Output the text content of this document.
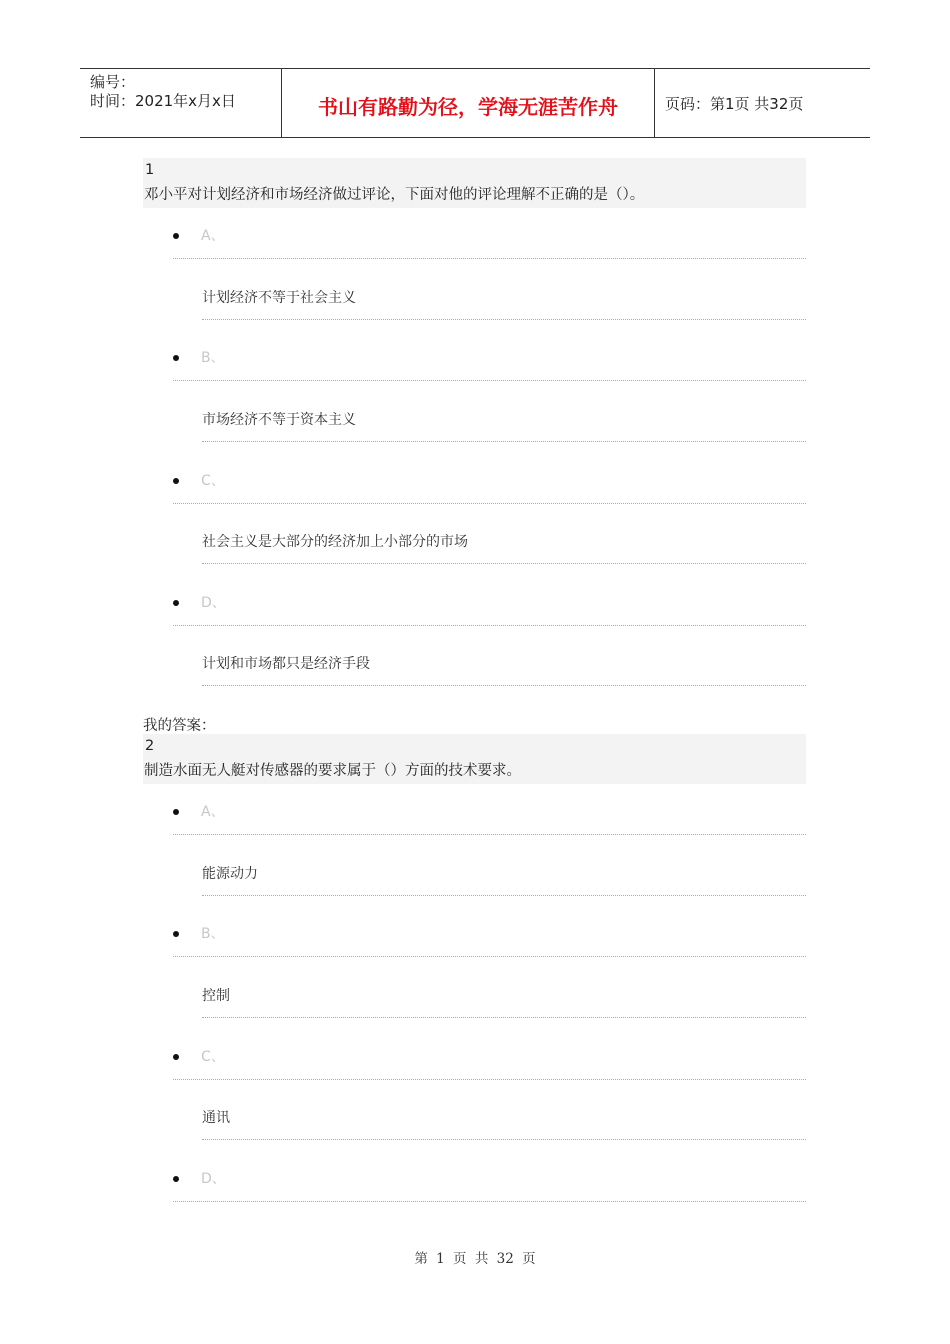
编号：
时间：2021年x月x日	书山有路勤为径，学海无涯苦作舟	页码：第1页 共32页
1
邓小平对计划经济和市场经济做过评论，下面对他的评论理解不正确的是（）。
A、
计划经济不等于社会主义
B、
市场经济不等于资本主义
C、
社会主义是大部分的经济加上小部分的市场
D、
计划和市场都只是经济手段
我的答案：
2
制造水面无人艇对传感器的要求属于（）方面的技术要求。
A、
能源动力
B、
控制
C、
通讯
D、
第 1 页 共 32 页
